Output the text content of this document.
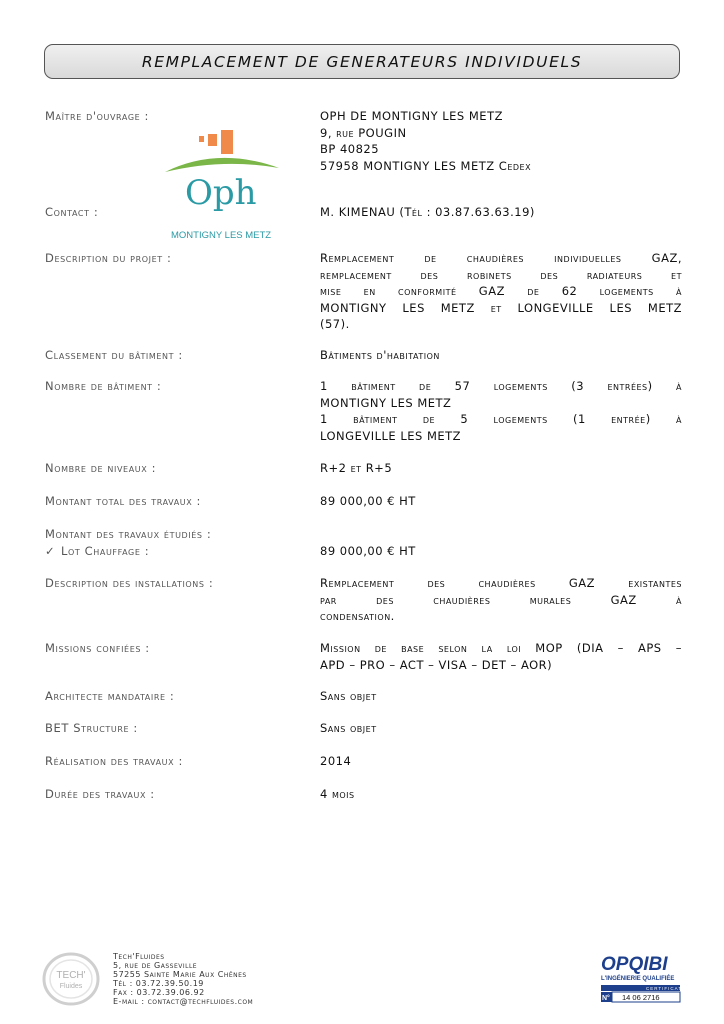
REMPLACEMENT DE GENERATEURS INDIVIDUELS
Oph
MONTIGNY LES METZ
Maître d'ouvrage :	OPH DE MONTIGNY LES METZ
9, rue POUGIN
BP 40825
57958 MONTIGNY LES METZ Cedex
Contact :	M. KIMENAU (Tél : 03.87.63.63.19)
Description du projet :	Remplacement de chaudières individuelles GAZ,
remplacement des robinets des radiateurs et
mise en conformité GAZ de 62 logements à
MONTIGNY LES METZ et LONGEVILLE LES METZ
(57).
Classement du bâtiment :	Bâtiments d'habitation
Nombre de bâtiment :	1 bâtiment de 57 logements (3 entrées) à
MONTIGNY LES METZ
1 bâtiment de 5 logements (1 entrée) à
LONGEVILLE LES METZ
Nombre de niveaux :	R+2 et R+5
Montant total des travaux :	89 000,00 € HT
Montant des travaux étudiés :
✓ Lot Chauffage :	89 000,00 € HT
Description des installations :	Remplacement des chaudières GAZ existantes
par des chaudières murales GAZ à
condensation.
Missions confiées :	Mission de base selon la loi MOP (DIA – APS –
APD – PRO – ACT – VISA – DET – AOR)
Architecte mandataire :	Sans objet
BET Structure :	Sans objet
Réalisation des travaux :	2014
Durée des travaux :	4 mois
TECH'
Fluides
Tech'Fluides
5, rue de Gasseville
57255 Sainte Marie Aux Chênes
Tél : 03.72.39.50.19
Fax : 03.72.39.06.92
E-mail : contact@techfluides.com
OPQIBI
L'INGÉNIERIE QUALIFIÉE
CERTIFICAT
N° 14 06 2716
